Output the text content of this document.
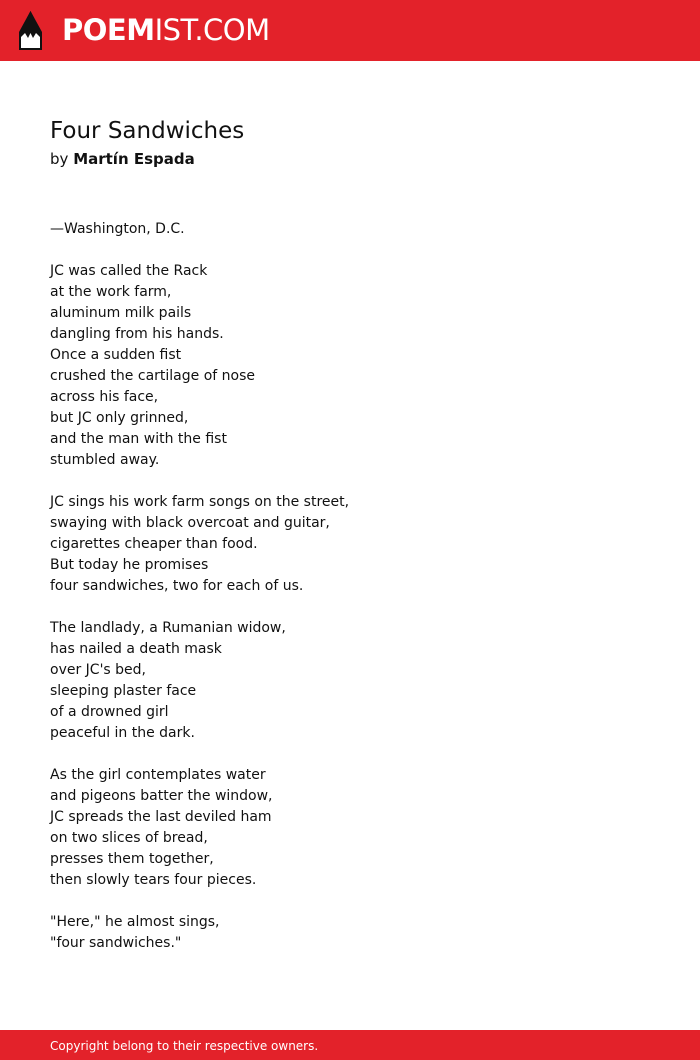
POEMIST.COM
Four Sandwiches
by Martín Espada
—Washington, D.C.
JC was called the Rack
at the work farm,
aluminum milk pails
dangling from his hands.
Once a sudden fist
crushed the cartilage of nose
across his face,
but JC only grinned,
and the man with the fist
stumbled away.
JC sings his work farm songs on the street,
swaying with black overcoat and guitar,
cigarettes cheaper than food.
But today he promises
four sandwiches, two for each of us.
The landlady, a Rumanian widow,
has nailed a death mask
over JC's bed,
sleeping plaster face
of a drowned girl
peaceful in the dark.
As the girl contemplates water
and pigeons batter the window,
JC spreads the last deviled ham
on two slices of bread,
presses them together,
then slowly tears four pieces.
"Here," he almost sings,
"four sandwiches."
Copyright belong to their respective owners.
